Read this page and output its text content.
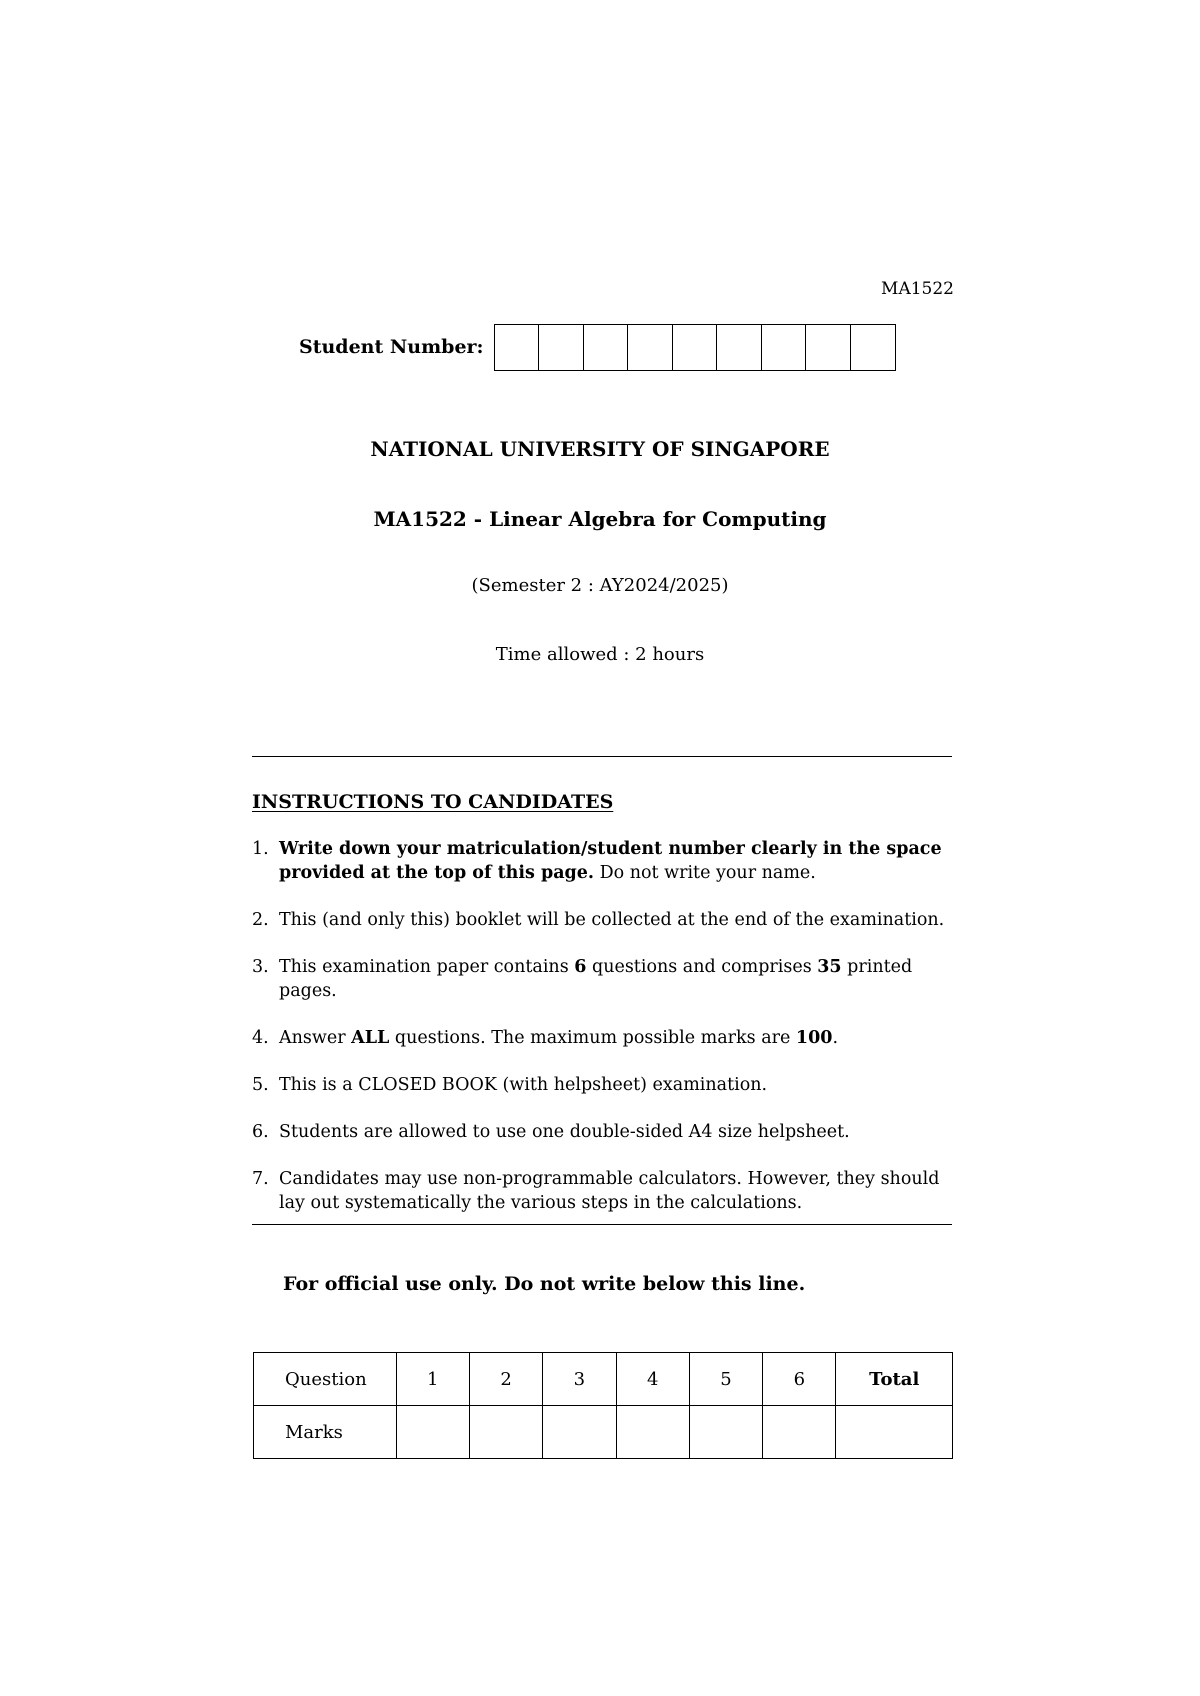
MA1522
Student Number:
NATIONAL UNIVERSITY OF SINGAPORE
MA1522 - Linear Algebra for Computing
(Semester 2 : AY2024/2025)
Time allowed : 2 hours
INSTRUCTIONS TO CANDIDATES
1. Write down your matriculation/student number clearly in the space provided at the top of this page. Do not write your name.
2. This (and only this) booklet will be collected at the end of the examination.
3. This examination paper contains 6 questions and comprises 35 printed pages.
4. Answer ALL questions. The maximum possible marks are 100.
5. This is a CLOSED BOOK (with helpsheet) examination.
6. Students are allowed to use one double-sided A4 size helpsheet.
7. Candidates may use non-programmable calculators. However, they should lay out systematically the various steps in the calculations.
For official use only. Do not write below this line.
Question	1	2	3	4	5	6	Total
Marks							
